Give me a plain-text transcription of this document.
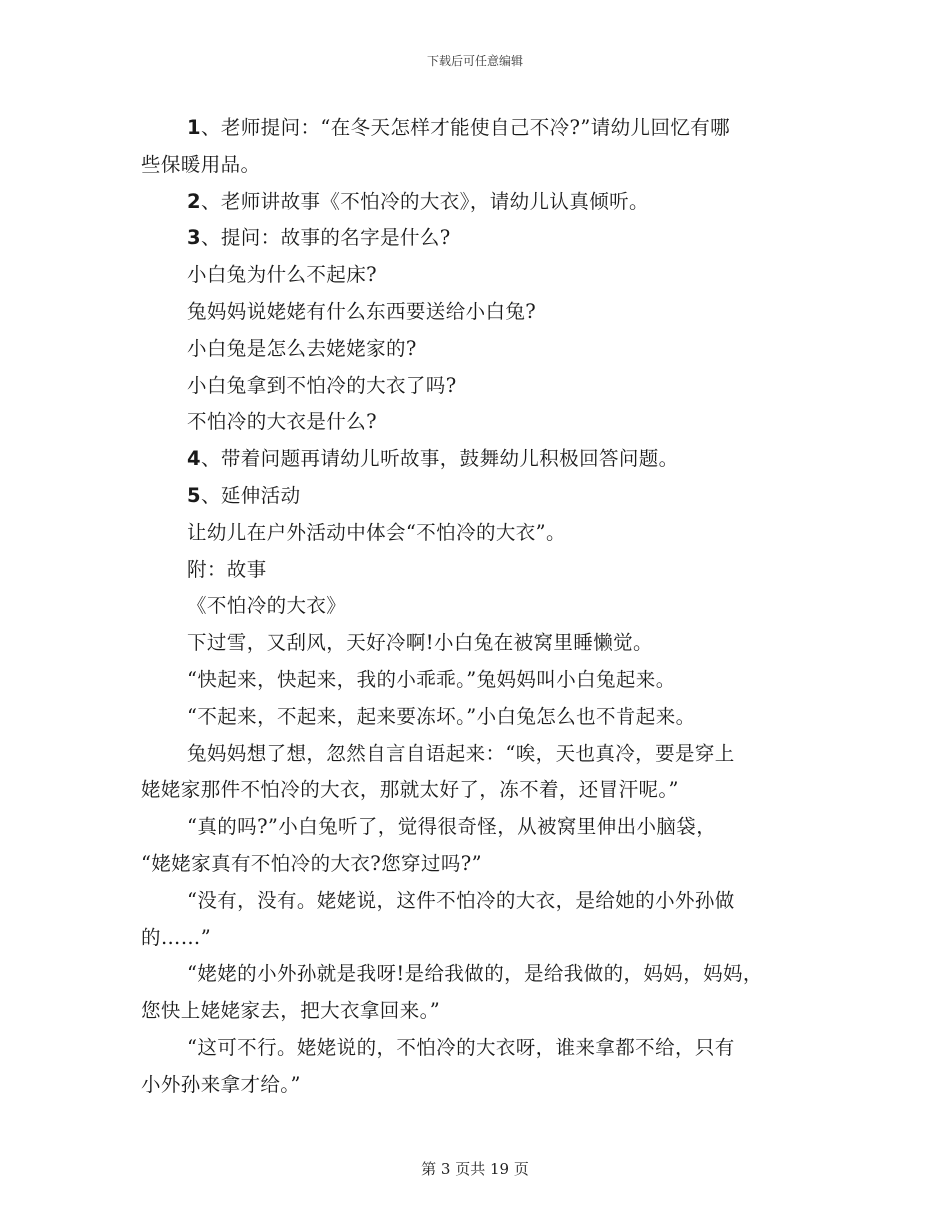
下载后可任意编辑

1、老师提问：“在冬天怎样才能使自己不冷?”请幼儿回忆有哪

些保暖用品。

2、老师讲故事《不怕冷的大衣》，请幼儿认真倾听。

3、提问：故事的名字是什么?

小白兔为什么不起床?

兔妈妈说姥姥有什么东西要送给小白兔?

小白兔是怎么去姥姥家的?

小白兔拿到不怕冷的大衣了吗?

不怕冷的大衣是什么?

4、带着问题再请幼儿听故事，鼓舞幼儿积极回答问题。

5、延伸活动

让幼儿在户外活动中体会“不怕冷的大衣”。

附：故事

《不怕冷的大衣》

下过雪，又刮风，天好冷啊!小白兔在被窝里睡懒觉。

“快起来，快起来，我的小乖乖。”兔妈妈叫小白兔起来。

“不起来，不起来，起来要冻坏。”小白兔怎么也不肯起来。

兔妈妈想了想，忽然自言自语起来：“唉，天也真冷，要是穿上

姥姥家那件不怕冷的大衣，那就太好了，冻不着，还冒汗呢。”

“真的吗?”小白兔听了，觉得很奇怪，从被窝里伸出小脑袋，

“姥姥家真有不怕冷的大衣?您穿过吗?”

“没有，没有。姥姥说，这件不怕冷的大衣，是给她的小外孙做

的……”

“姥姥的小外孙就是我呀!是给我做的，是给我做的，妈妈，妈妈，

您快上姥姥家去，把大衣拿回来。”

“这可不行。姥姥说的，不怕冷的大衣呀，谁来拿都不给，只有

小外孙来拿才给。”

第 3 页共 19 页
